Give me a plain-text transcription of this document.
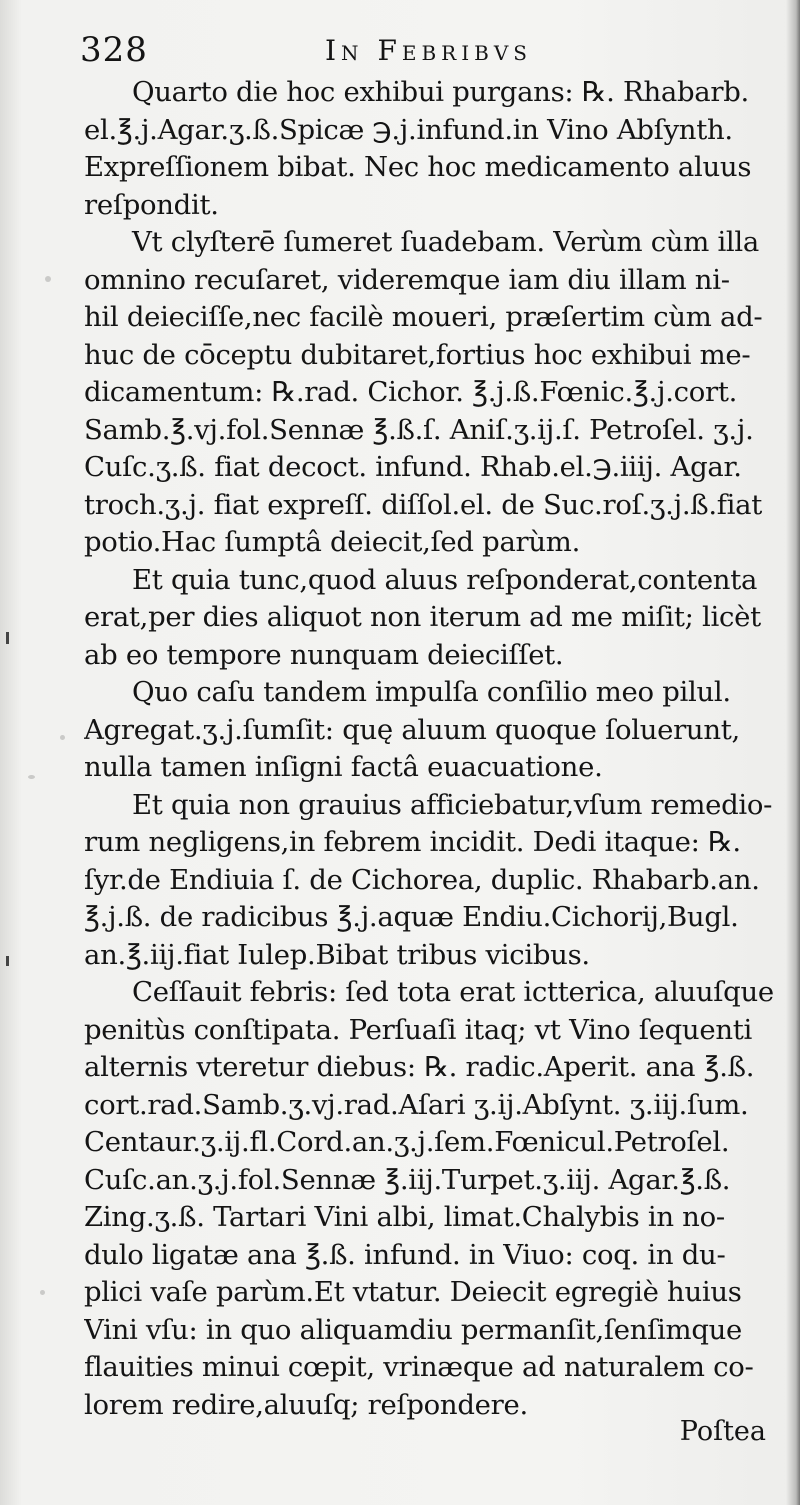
328	In Febribvs
Quarto die hoc exhibui purgans: ℞. Rhabarb.
el.℥.j.Agar.ʒ.ß.Spicæ ℈.j.infund.in Vino Abſynth.
Expreſſionem bibat. Nec hoc medicamento aluus
reſpondit.
Vt clyſterē ſumeret ſuadebam. Verùm cùm illa
omnino recuſaret, videremque iam diu illam ni-
hil deieciſſe,nec facilè moueri, præſertim cùm ad-
huc de cōceptu dubitaret,fortius hoc exhibui me-
dicamentum: ℞.rad. Cichor. ℥.j.ß.Fœnic.℥.j.cort.
Samb.℥.vj.fol.Sennæ ℥.ß.ſ. Aniſ.ʒ.ij.ſ. Petroſel. ʒ.j.
Cuſc.ʒ.ß. fiat decoct. infund. Rhab.el.℈.iiij. Agar.
troch.ʒ.j. fiat expreſſ. diſſol.el. de Suc.roſ.ʒ.j.ß.fiat
potio.Hac ſumptâ deiecit,ſed parùm.
Et quia tunc,quod aluus reſponderat,contenta
erat,per dies aliquot non iterum ad me miſit; licèt
ab eo tempore nunquam deieciſſet.
Quo caſu tandem impulſa conſilio meo pilul.
Agregat.ʒ.j.ſumſit: quę aluum quoque ſoluerunt,
nulla tamen inſigni factâ euacuatione.
Et quia non grauius afficiebatur,vſum remedio-
rum negligens,in febrem incidit. Dedi itaque: ℞.
ſyr.de Endiuia ſ. de Cichorea, duplic. Rhabarb.an.
℥.j.ß. de radicibus ℥.j.aquæ Endiu.Cichorij,Bugl.
an.℥.iij.fiat Iulep.Bibat tribus vicibus.
Ceſſauit febris: ſed tota erat ictterica, aluuſque
penitùs conſtipata. Perſuaſi itaq; vt Vino ſequenti
alternis vteretur diebus: ℞. radic.Aperit. ana ℥.ß.
cort.rad.Samb.ʒ.vj.rad.Aſari ʒ.ij.Abſynt. ʒ.iij.ſum.
Centaur.ʒ.ij.fl.Cord.an.ʒ.j.ſem.Fœnicul.Petroſel.
Cuſc.an.ʒ.j.fol.Sennæ ℥.iij.Turpet.ʒ.iij. Agar.℥.ß.
Zing.ʒ.ß. Tartari Vini albi, limat.Chalybis in no-
dulo ligatæ ana ℥.ß. infund. in Viuo: coq. in du-
plici vaſe parùm.Et vtatur. Deiecit egregiè huius
Vini vſu: in quo aliquamdiu permanſit,ſenſimque
flauities minui cœpit, vrinæque ad naturalem co-
lorem redire,aluuſq; reſpondere.
Poſtea
